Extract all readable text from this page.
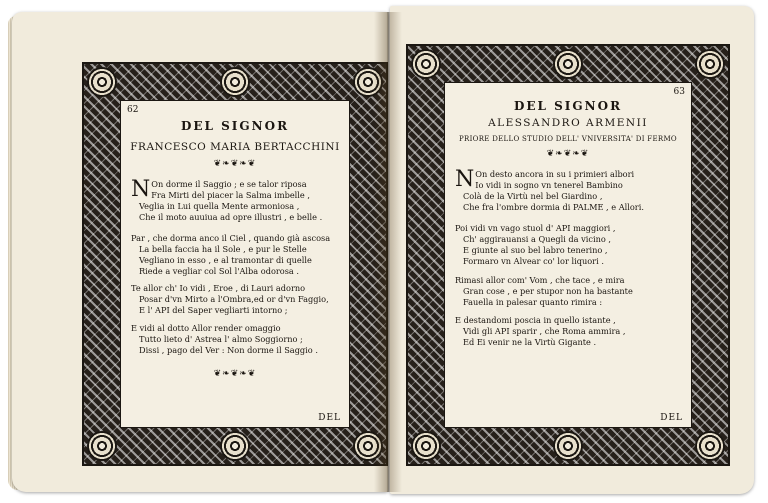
62
DEL SIGNOR
FRANCESCO MARIA BERTACCHINI
❦❧❦❧❦
N On dorme il Saggio ; e se talor riposa
Fra Mirti del piacer la Salma imbelle ,
Veglia in Lui quella Mente armoniosa ,
Che il moto auuiua ad opre illustri , e belle .
Par , che dorma anco il Ciel , quando già ascosa
La bella faccia ha il Sole , e pur le Stelle
Vegliano in esso , e al tramontar di quelle
Riede a vegliar col Sol l'Alba odorosa .
Te allor ch' Io vidi , Eroe , di Lauri adorno
Posar d'vn Mirto a l'Ombra,ed or d'vn Faggio,
E l' API del Saper vegliarti intorno ;
E vidi al dotto Allor render omaggio
Tutto lieto d' Astrea l' almo Soggiorno ;
Dissi , pago del Ver : Non dorme il Saggio .
❦❧❦❧❦
DEL
63
DEL SIGNOR
ALESSANDRO ARMENII
PRIORE DELLO STUDIO DELL' VNIVERSITA' DI FERMO
❦❧❦❧❦
N On desto ancora in su i primieri albori
Io vidi in sogno vn tenerel Bambino
Colà de la Virtù nel bel Giardino ,
Che fra l'ombre dormia di PALME , e Allori.
Poi vidi vn vago stuol d' API maggiori ,
Ch' aggirauansi a Quegli da vicino ,
E giunte al suo bel labro tenerino ,
Formaro vn Alvear co' lor liquori .
Rimasi allor com' Vom , che tace , e mira
Gran cose , e per stupor non ha bastante
Fauella in palesar quanto rimira :
E destandomi poscia in quello istante ,
Vidi gli API sparir , che Roma ammira ,
Ed Ei venir ne la Virtù Gigante .
DEL
